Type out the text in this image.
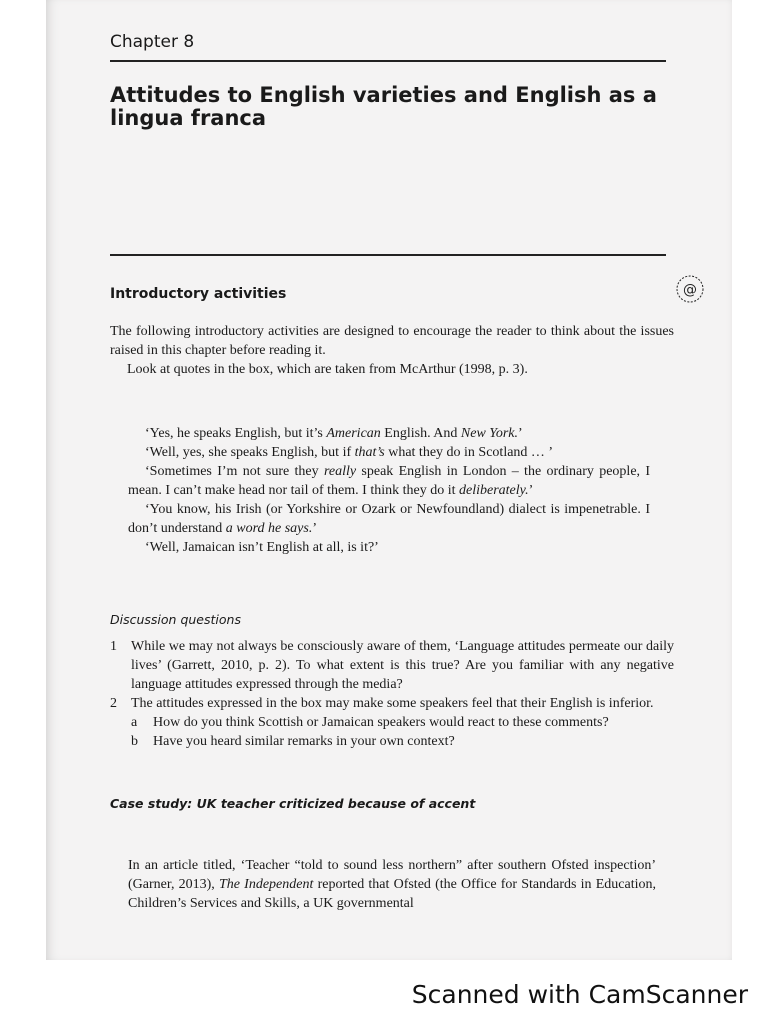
Chapter 8
Attitudes to English varieties and English as a lingua franca
Introductory activities	@
The following introductory activities are designed to encourage the reader to think about the issues raised in this chapter before reading it.
Look at quotes in the box, which are taken from McArthur (1998, p. 3).

‘Yes, he speaks English, but it’s American English. And New York.’

‘Well, yes, she speaks English, but if that’s what they do in Scotland … ’

‘Sometimes I’m not sure they really speak English in London – the ordinary people, I mean. I can’t make head nor tail of them. I think they do it deliberately.’

‘You know, his Irish (or Yorkshire or Ozark or Newfoundland) dialect is impenetrable. I don’t understand a word he says.’

‘Well, Jamaican isn’t English at all, is it?’

Discussion questions
1 While we may not always be consciously aware of them, ‘Language attitudes permeate our daily lives’ (Garrett, 2010, p. 2). To what extent is this true? Are you familiar with any negative language attitudes expressed through the media?
2 The attitudes expressed in the box may make some speakers feel that their English is inferior.
a How do you think Scottish or Jamaican speakers would react to these comments?
b Have you heard similar remarks in your own context?
Case study: UK teacher criticized because of accent
In an article titled, ‘Teacher “told to sound less northern” after southern Ofsted inspection’ (Garner, 2013), The Independent reported that Ofsted (the Office for Standards in Education, Children’s Services and Skills, a UK governmental
Scanned with CamScanner
